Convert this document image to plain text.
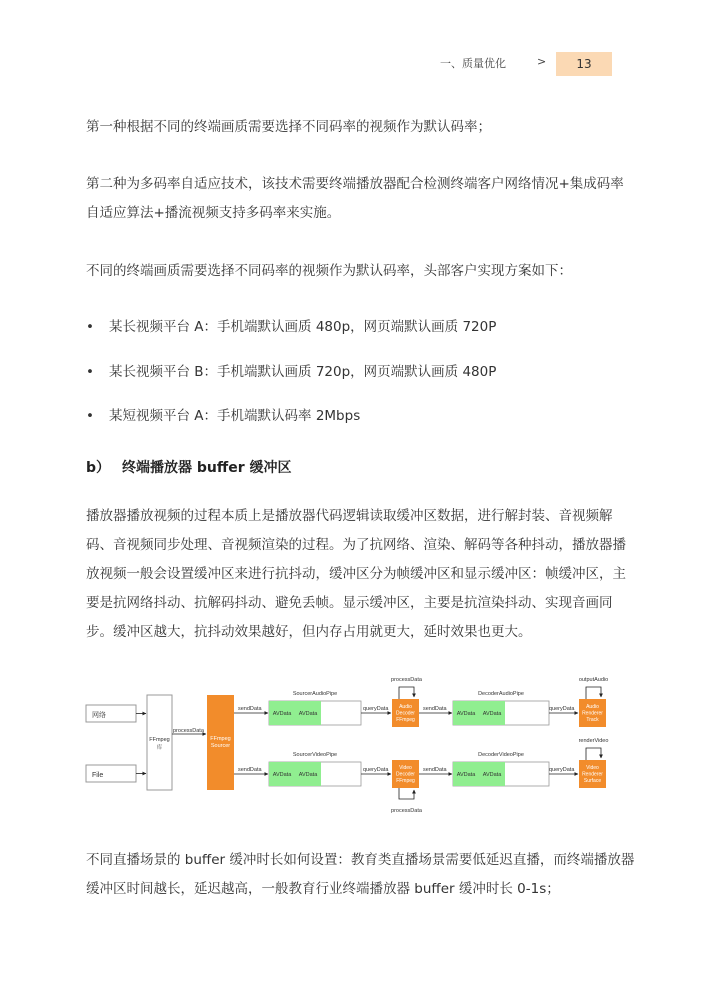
一、质量优化	>	13

第一种根据不同的终端画质需要选择不同码率的视频作为默认码率；

第二种为多码率自适应技术，该技术需要终端播放器配合检测终端客户网络情况+集成码率自适应算法+播流视频支持多码率来实施。

不同的终端画质需要选择不同码率的视频作为默认码率，头部客户实现方案如下：

• 某长视频平台 A：手机端默认画质 480p，网页端默认画质 720P
• 某长视频平台 B：手机端默认画质 720p，网页端默认画质 480P
• 某短视频平台 A：手机端默认码率 2Mbps
b） 终端播放器 buffer 缓冲区

播放器播放视频的过程本质上是播放器代码逻辑读取缓冲区数据，进行解封装、音视频解码、音视频同步处理、音视频渲染的过程。为了抗网络、渲染、解码等各种抖动，播放器播放视频一般会设置缓冲区来进行抗抖动，缓冲区分为帧缓冲区和显示缓冲区：帧缓冲区，主要是抗网络抖动、抗解码抖动、避免丢帧。显示缓冲区，主要是抗渲染抖动、实现音画同步。缓冲区越大，抗抖动效果越好，但内存占用就更大，延时效果也更大。

网络
File
FFmpeg
库
processData
FFmpeg
Sourcer
sendData
SourcerAudioPipe
AVData AVData
queryData Audio
Decoder
FFmpeg
processData
sendData
DecoderAudioPipe
AVData AVData
queryData Audio
Renderer
Track
outputAudio
sendData
SourcerVideoPipe
AVData AVData
queryData Video
Decoder
FFmpeg
processData
sendData
DecoderVideoPipe
AVData AVData
queryData Video
Renderer
Surface
renderVideo

不同直播场景的 buffer 缓冲时长如何设置：教育类直播场景需要低延迟直播，而终端播放器缓冲区时间越长，延迟越高，一般教育行业终端播放器 buffer 缓冲时长 0-1s；
